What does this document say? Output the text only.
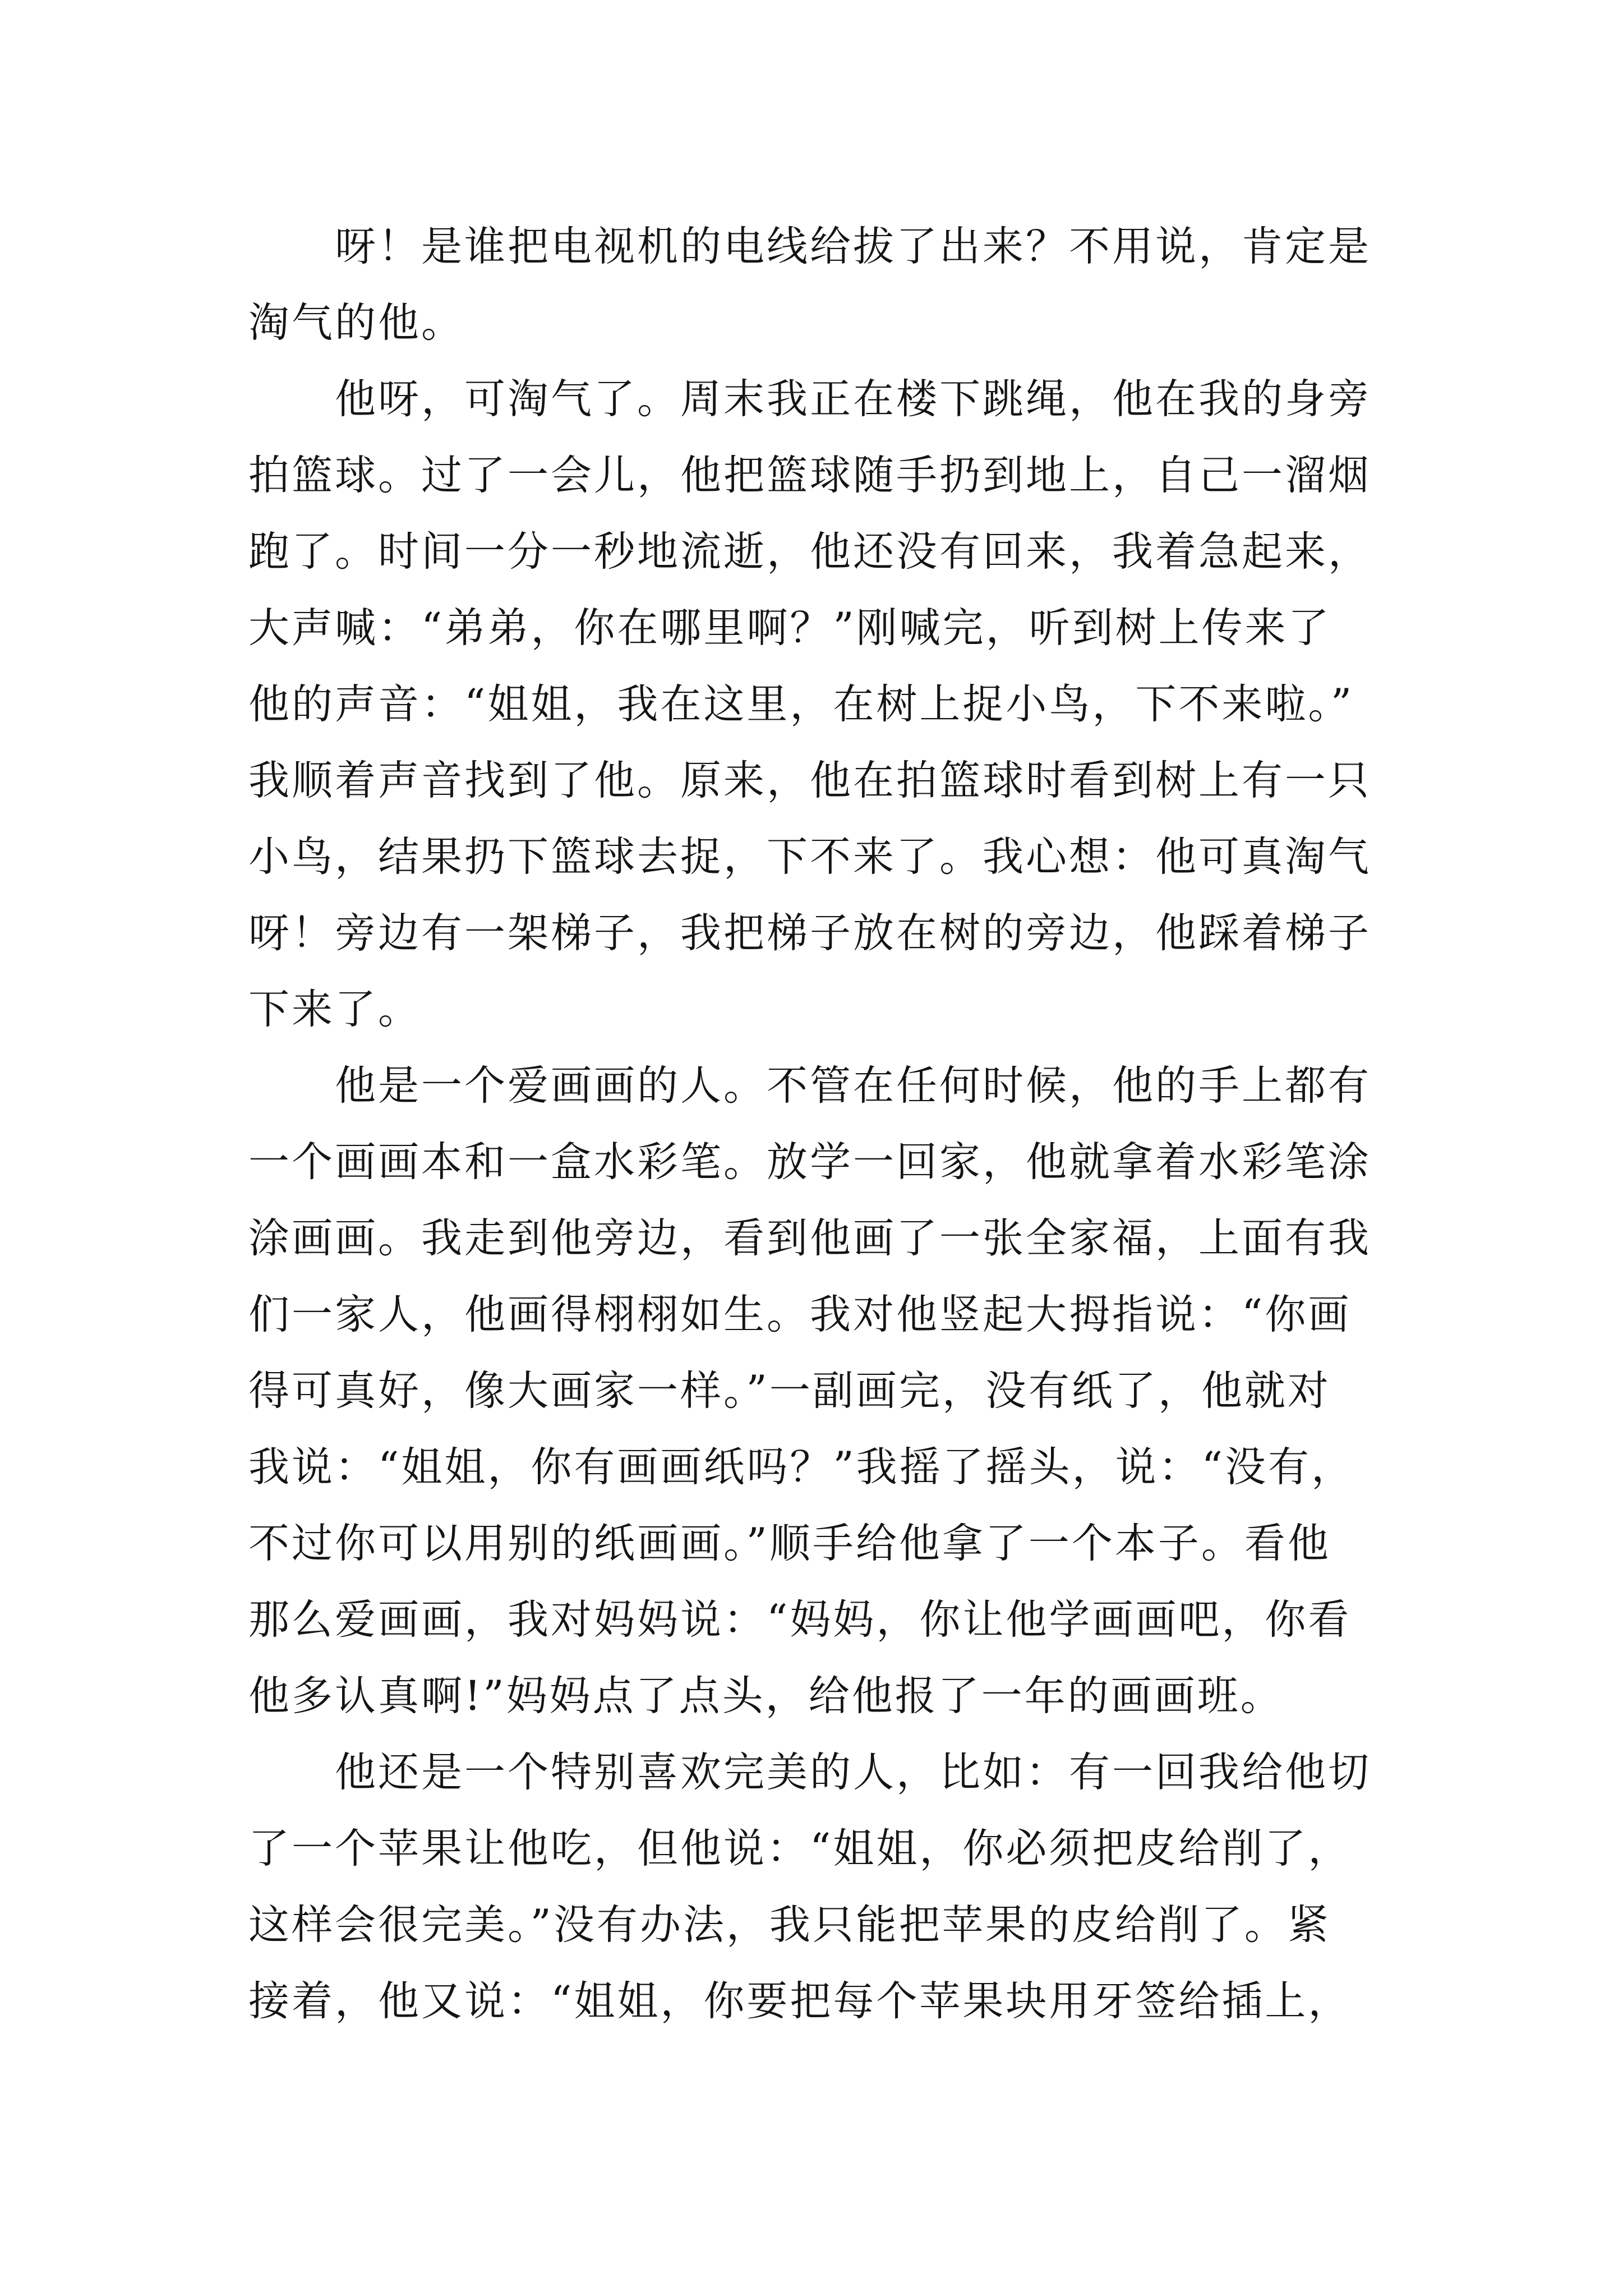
　　呀！是谁把电视机的电线给拔了出来？不用说，肯定是
淘气的他。
　　他呀，可淘气了。周末我正在楼下跳绳，他在我的身旁
拍篮球。过了一会儿，他把篮球随手扔到地上，自己一溜烟
跑了。时间一分一秒地流逝，他还没有回来，我着急起来，
大声喊：“弟弟，你在哪里啊？”刚喊完，听到树上传来了
他的声音：“姐姐，我在这里，在树上捉小鸟，下不来啦。”
我顺着声音找到了他。原来，他在拍篮球时看到树上有一只
小鸟，结果扔下篮球去捉，下不来了。我心想：他可真淘气
呀！旁边有一架梯子，我把梯子放在树的旁边，他踩着梯子
下来了。
　　他是一个爱画画的人。不管在任何时候，他的手上都有
一个画画本和一盒水彩笔。放学一回家，他就拿着水彩笔涂
涂画画。我走到他旁边，看到他画了一张全家福，上面有我
们一家人，他画得栩栩如生。我对他竖起大拇指说：“你画
得可真好，像大画家一样。”一副画完，没有纸了，他就对
我说：“姐姐，你有画画纸吗？”我摇了摇头，说：“没有，
不过你可以用别的纸画画。”顺手给他拿了一个本子。看他
那么爱画画，我对妈妈说：“妈妈，你让他学画画吧，你看
他多认真啊!”妈妈点了点头，给他报了一年的画画班。
　　他还是一个特别喜欢完美的人，比如：有一回我给他切
了一个苹果让他吃，但他说：“姐姐，你必须把皮给削了，
这样会很完美。”没有办法，我只能把苹果的皮给削了。紧
接着，他又说：“姐姐，你要把每个苹果块用牙签给插上，
